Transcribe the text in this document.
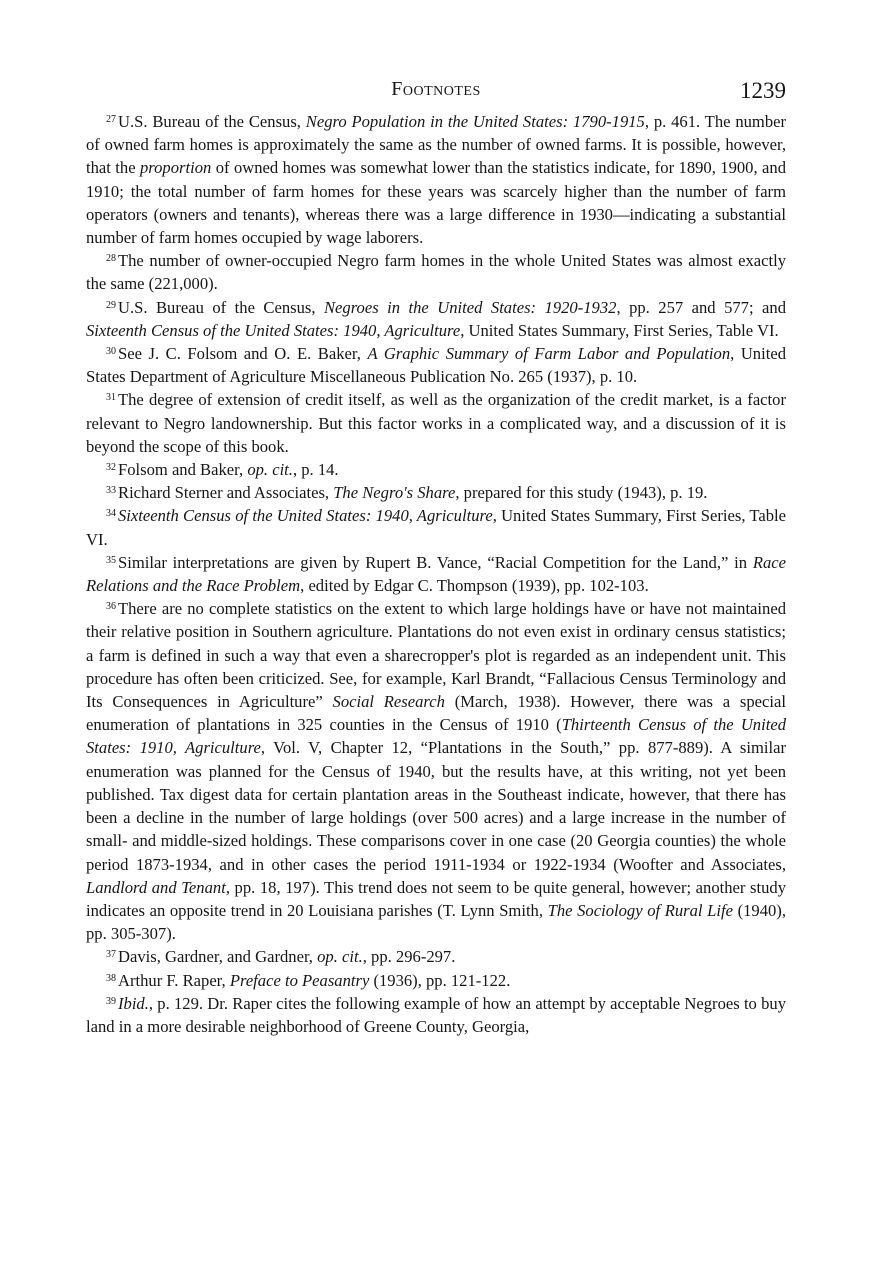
Footnotes	1239

$^{27}$ U.S. Bureau of the Census, Negro Population in the United States: 1790-1915, p. 461. The number of owned farm homes is approximately the same as the number of owned farms. It is possible, however, that the proportion of owned homes was somewhat lower than the statistics indicate, for 1890, 1900, and 1910; the total number of farm homes for these years was scarcely higher than the number of farm operators (owners and tenants), whereas there was a large difference in 1930—indicating a substantial number of farm homes occupied by wage laborers.

$^{28}$ The number of owner-occupied Negro farm homes in the whole United States was almost exactly the same (221,000).

$^{29}$ U.S. Bureau of the Census, Negroes in the United States: 1920-1932, pp. 257 and 577; and Sixteenth Census of the United States: 1940, Agriculture, United States Summary, First Series, Table VI.

$^{30}$ See J. C. Folsom and O. E. Baker, A Graphic Summary of Farm Labor and Population, United States Department of Agriculture Miscellaneous Publication No. 265 (1937), p. 10.

$^{31}$ The degree of extension of credit itself, as well as the organization of the credit market, is a factor relevant to Negro landownership. But this factor works in a complicated way, and a discussion of it is beyond the scope of this book.

$^{32}$ Folsom and Baker, op. cit., p. 14.

$^{33}$ Richard Sterner and Associates, The Negro's Share, prepared for this study (1943), p. 19.

$^{34}$ Sixteenth Census of the United States: 1940, Agriculture, United States Summary, First Series, Table VI.

$^{35}$ Similar interpretations are given by Rupert B. Vance, “Racial Competition for the Land,” in Race Relations and the Race Problem, edited by Edgar C. Thompson (1939), pp. 102-103.

$^{36}$ There are no complete statistics on the extent to which large holdings have or have not maintained their relative position in Southern agriculture. Plantations do not even exist in ordinary census statistics; a farm is defined in such a way that even a sharecropper's plot is regarded as an independent unit. This procedure has often been criticized. See, for example, Karl Brandt, “Fallacious Census Terminology and Its Consequences in Agriculture” Social Research (March, 1938). However, there was a special enumeration of plantations in 325 counties in the Census of 1910 (Thirteenth Census of the United States: 1910, Agriculture, Vol. V, Chapter 12, “Plantations in the South,” pp. 877-889). A similar enumeration was planned for the Census of 1940, but the results have, at this writing, not yet been published. Tax digest data for certain plantation areas in the Southeast indicate, however, that there has been a decline in the number of large holdings (over 500 acres) and a large increase in the number of small- and middle-sized holdings. These comparisons cover in one case (20 Georgia counties) the whole period 1873-1934, and in other cases the period 1911-1934 or 1922-1934 (Woofter and Associates, Landlord and Tenant, pp. 18, 197). This trend does not seem to be quite general, however; another study indicates an opposite trend in 20 Louisiana parishes (T. Lynn Smith, The Sociology of Rural Life (1940), pp. 305-307).

$^{37}$ Davis, Gardner, and Gardner, op. cit., pp. 296-297.

$^{38}$ Arthur F. Raper, Preface to Peasantry (1936), pp. 121-122.

$^{39}$ Ibid., p. 129. Dr. Raper cites the following example of how an attempt by acceptable Negroes to buy land in a more desirable neighborhood of Greene County, Georgia,
